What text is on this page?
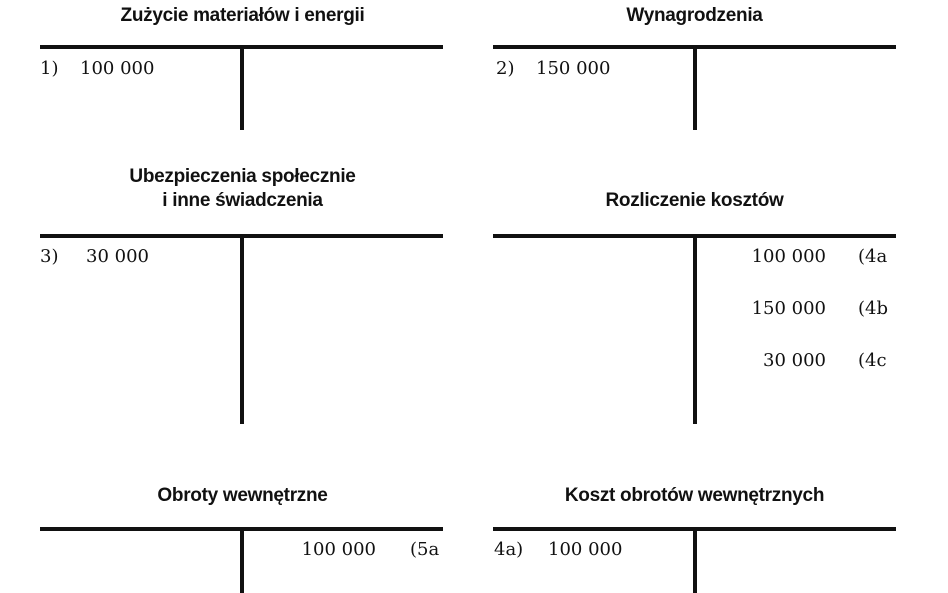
Zużycie materiałów i energii
1) 100 000
Wynagrodzenia
2) 150 000
Ubezpieczenia społecznie
i inne świadczenia
3) 30 000
Rozliczenie kosztów
100 000 (4a
150 000 (4b
30 000 (4c
Obroty wewnętrzne
100 000 (5a
Koszt obrotów wewnętrznych
4a) 100 000
